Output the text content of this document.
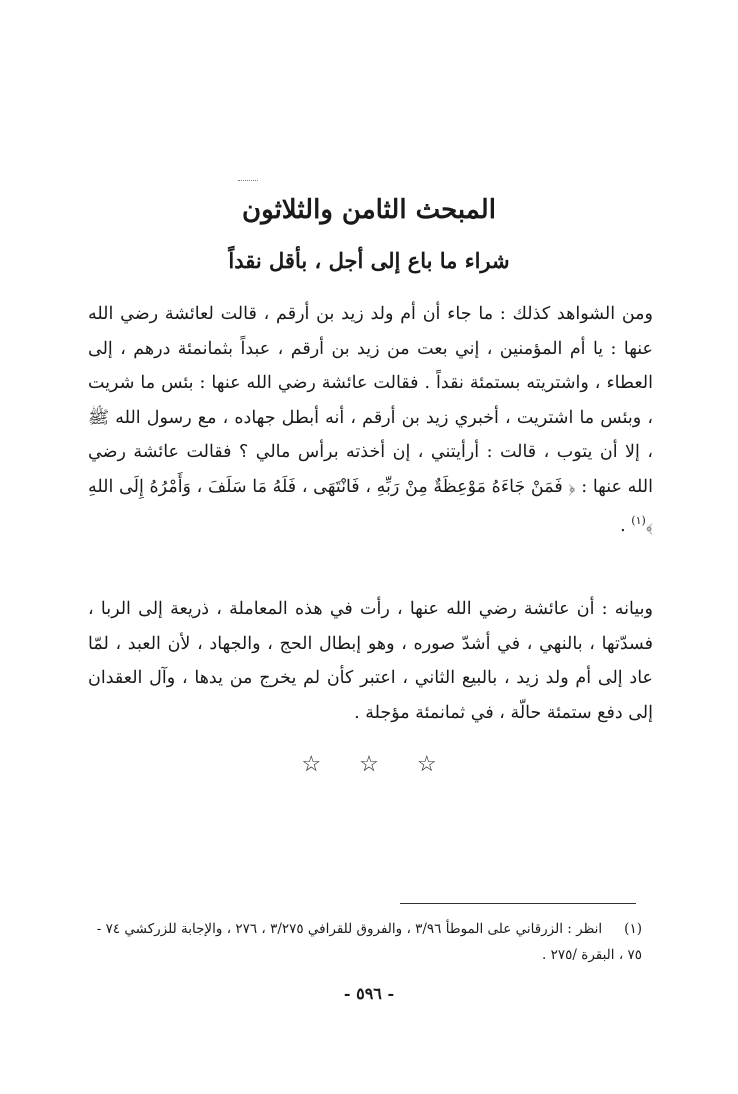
المبحث الثامن والثلاثون
شراء ما باع إلى أجل ، بأقل نقداً

ومن الشواهد كذلك : ما جاء أن أم ولد زيد بن أرقم ، قالت لعائشة رضي الله عنها : يا أم المؤمنين ، إني بعت من زيد بن أرقم ، عبداً بثمانمئة درهم ، إلى العطاء ، واشتريته بستمئة نقداً . فقالت عائشة رضي الله عنها : بئس ما شريت ، وبئس ما اشتريت ، أخبري زيد بن أرقم ، أنه أبطل جهاده ، مع رسول الله ﷺ ، إلا أن يتوب ، قالت : أرأيتني ، إن أخذته برأس مالي ؟ فقالت عائشة رضي الله عنها : ﴿ فَمَنْ جَاءَهُ مَوْعِظَةٌ مِنْ رَبِّهِ ، فَانْتَهَى ، فَلَهُ مَا سَلَفَ ، وَأَمْرُهُ إِلَى اللهِ ﴾$^{(١)}$ .

وبيانه : أن عائشة رضي الله عنها ، رأت في هذه المعاملة ، ذريعة إلى الربا ، فسدّتها ، بالنهي ، في أشدّ صوره ، وهو إبطال الحج ، والجهاد ، لأن العبد ، لمّا عاد إلى أم ولد زيد ، بالبيع الثاني ، اعتبر كأن لم يخرج من يدها ، وآل العقدان إلى دفع ستمئة حالّة ، في ثمانمئة مؤجلة .

☆☆☆

(١)انظر : الزرقاني على الموطأ ٣/٩٦ ، والفروق للقرافي ٣/٢٧٥ ، ٢٧٦ ، والإجابة للزركشي ٧٤ - ٧٥ ، البقرة /٢٧٥ .

- ٥٩٦ -
